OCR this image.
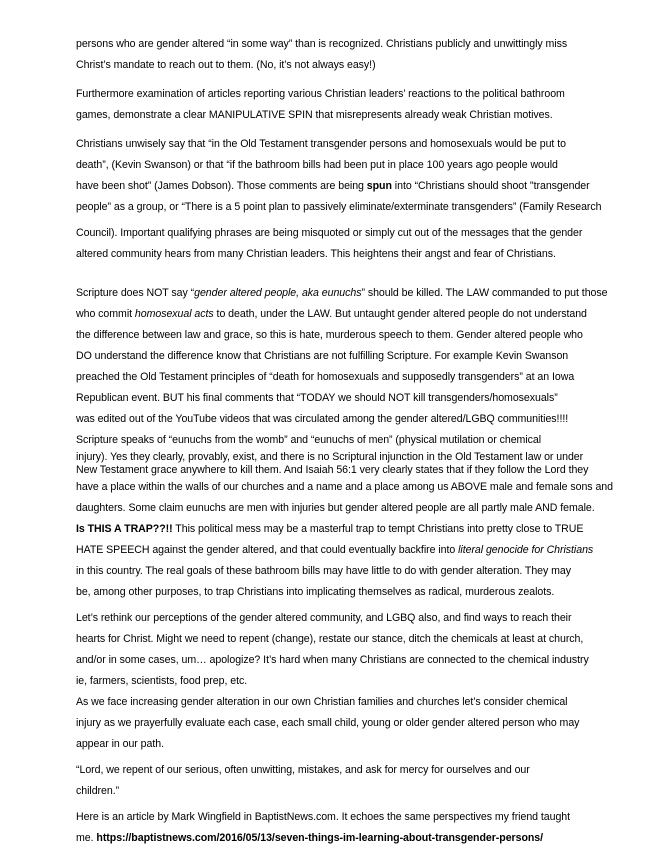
persons who are gender altered “in some way” than is recognized. Christians publicly and unwittingly miss
Christ’s mandate to reach out to them. (No, it’s not always easy!)
Furthermore examination of articles reporting various Christian leaders’ reactions to the political bathroom
games, demonstrate a clear MANIPULATIVE SPIN that misrepresents already weak Christian motives.
Christians unwisely say that “in the Old Testament transgender persons and homosexuals would be put to
death”, (Kevin Swanson) or that “if the bathroom bills had been put in place 100 years ago people would
have been shot” (James Dobson). Those comments are being spun into “Christians should shoot "transgender
people” as a group, or “There is a 5 point plan to passively eliminate/exterminate transgenders” (Family Research
Council). Important qualifying phrases are being misquoted or simply cut out of the messages that the gender
altered community hears from many Christian leaders. This heightens their angst and fear of Christians.
Scripture does NOT say “gender altered people, aka eunuchs” should be killed. The LAW commanded to put those
who commit homosexual acts to death, under the LAW. But untaught gender altered people do not understand
the difference between law and grace, so this is hate, murderous speech to them. Gender altered people who
DO understand the difference know that Christians are not fulfilling Scripture. For example Kevin Swanson
preached the Old Testament principles of “death for homosexuals and supposedly transgenders” at an Iowa
Republican event. BUT his final comments that “TODAY we should NOT kill transgenders/homosexuals”
was edited out of the YouTube videos that was circulated among the gender altered/LGBQ communities!!!!
Scripture speaks of “eunuchs from the womb” and “eunuchs of men” (physical mutilation or chemical
injury). Yes they clearly, provably, exist, and there is no Scriptural injunction in the Old Testament law or under
New Testament grace anywhere to kill them. And Isaiah 56:1 very clearly states that if they follow the Lord they
have a place within the walls of our churches and a name and a place among us ABOVE male and female sons and
daughters. Some claim eunuchs are men with injuries but gender altered people are all partly male AND female.
Is THIS A TRAP??!! This political mess may be a masterful trap to tempt Christians into pretty close to TRUE
HATE SPEECH against the gender altered, and that could eventually backfire into literal genocide for Christians
in this country. The real goals of these bathroom bills may have little to do with gender alteration. They may
be, among other purposes, to trap Christians into implicating themselves as radical, murderous zealots.
Let’s rethink our perceptions of the gender altered community, and LGBQ also, and find ways to reach their
hearts for Christ. Might we need to repent (change), restate our stance, ditch the chemicals at least at church,
and/or in some cases, um… apologize? It’s hard when many Christians are connected to the chemical industry
ie, farmers, scientists, food prep, etc.
As we face increasing gender alteration in our own Christian families and churches let’s consider chemical
injury as we prayerfully evaluate each case, each small child, young or older gender altered person who may
appear in our path.
“Lord, we repent of our serious, often unwitting, mistakes, and ask for mercy for ourselves and our
children.”
Here is an article by Mark Wingfield in BaptistNews.com. It echoes the same perspectives my friend taught
me. https://baptistnews.com/2016/05/13/seven-things-im-learning-about-transgender-persons/
